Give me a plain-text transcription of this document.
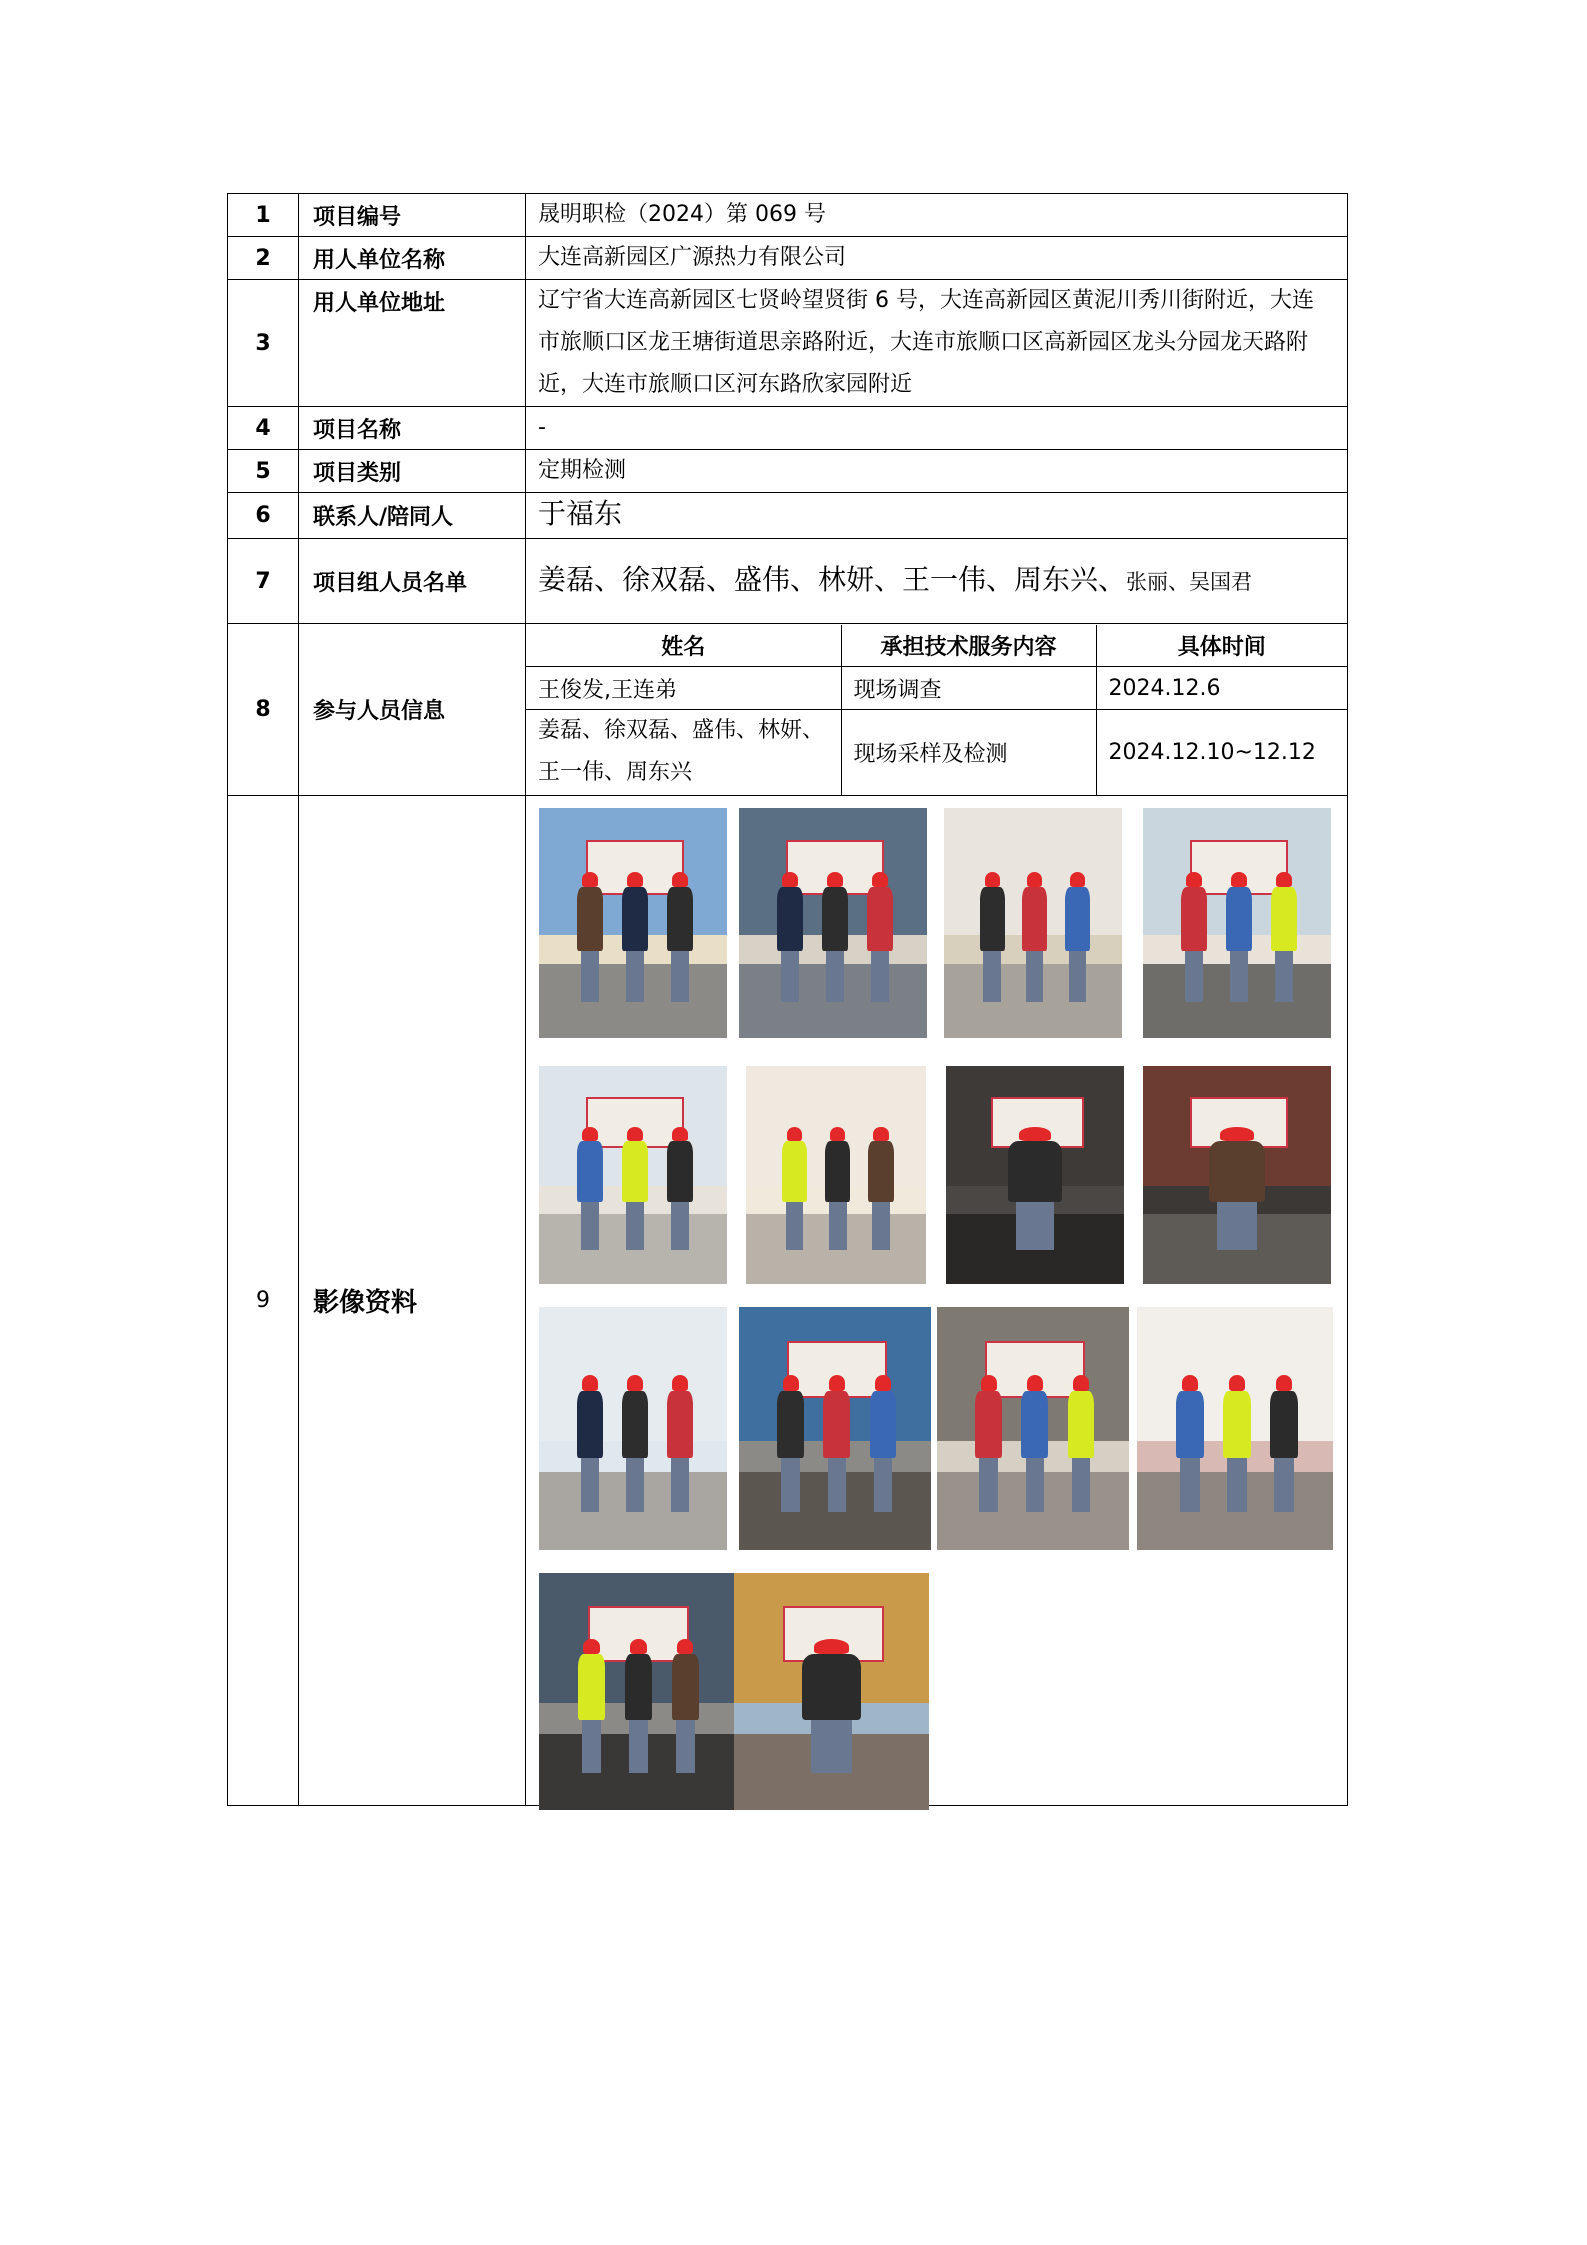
1	项目编号	晟明职检（2024）第 069 号
2	用人单位名称	大连高新园区广源热力有限公司
3	用人单位地址	辽宁省大连高新园区七贤岭望贤街 6 号，大连高新园区黄泥川秀川街附近，大连市旅顺口区龙王塘街道思亲路附近，大连市旅顺口区高新园区龙头分园龙天路附近，大连市旅顺口区河东路欣家园附近
4	项目名称	-
5	项目类别	定期检测
6	联系人/陪同人	于福东
7	项目组人员名单	姜磊、徐双磊、盛伟、林妍、王一伟、周东兴、张丽、吴国君
8	参与人员信息	
姓名	承担技术服务内容	具体时间
王俊发,王连弟	现场调查	2024.12.6
姜磊、徐双磊、盛伟、林妍、王一伟、周东兴	现场采样及检测	2024.12.10~12.12

9	影像资料	
